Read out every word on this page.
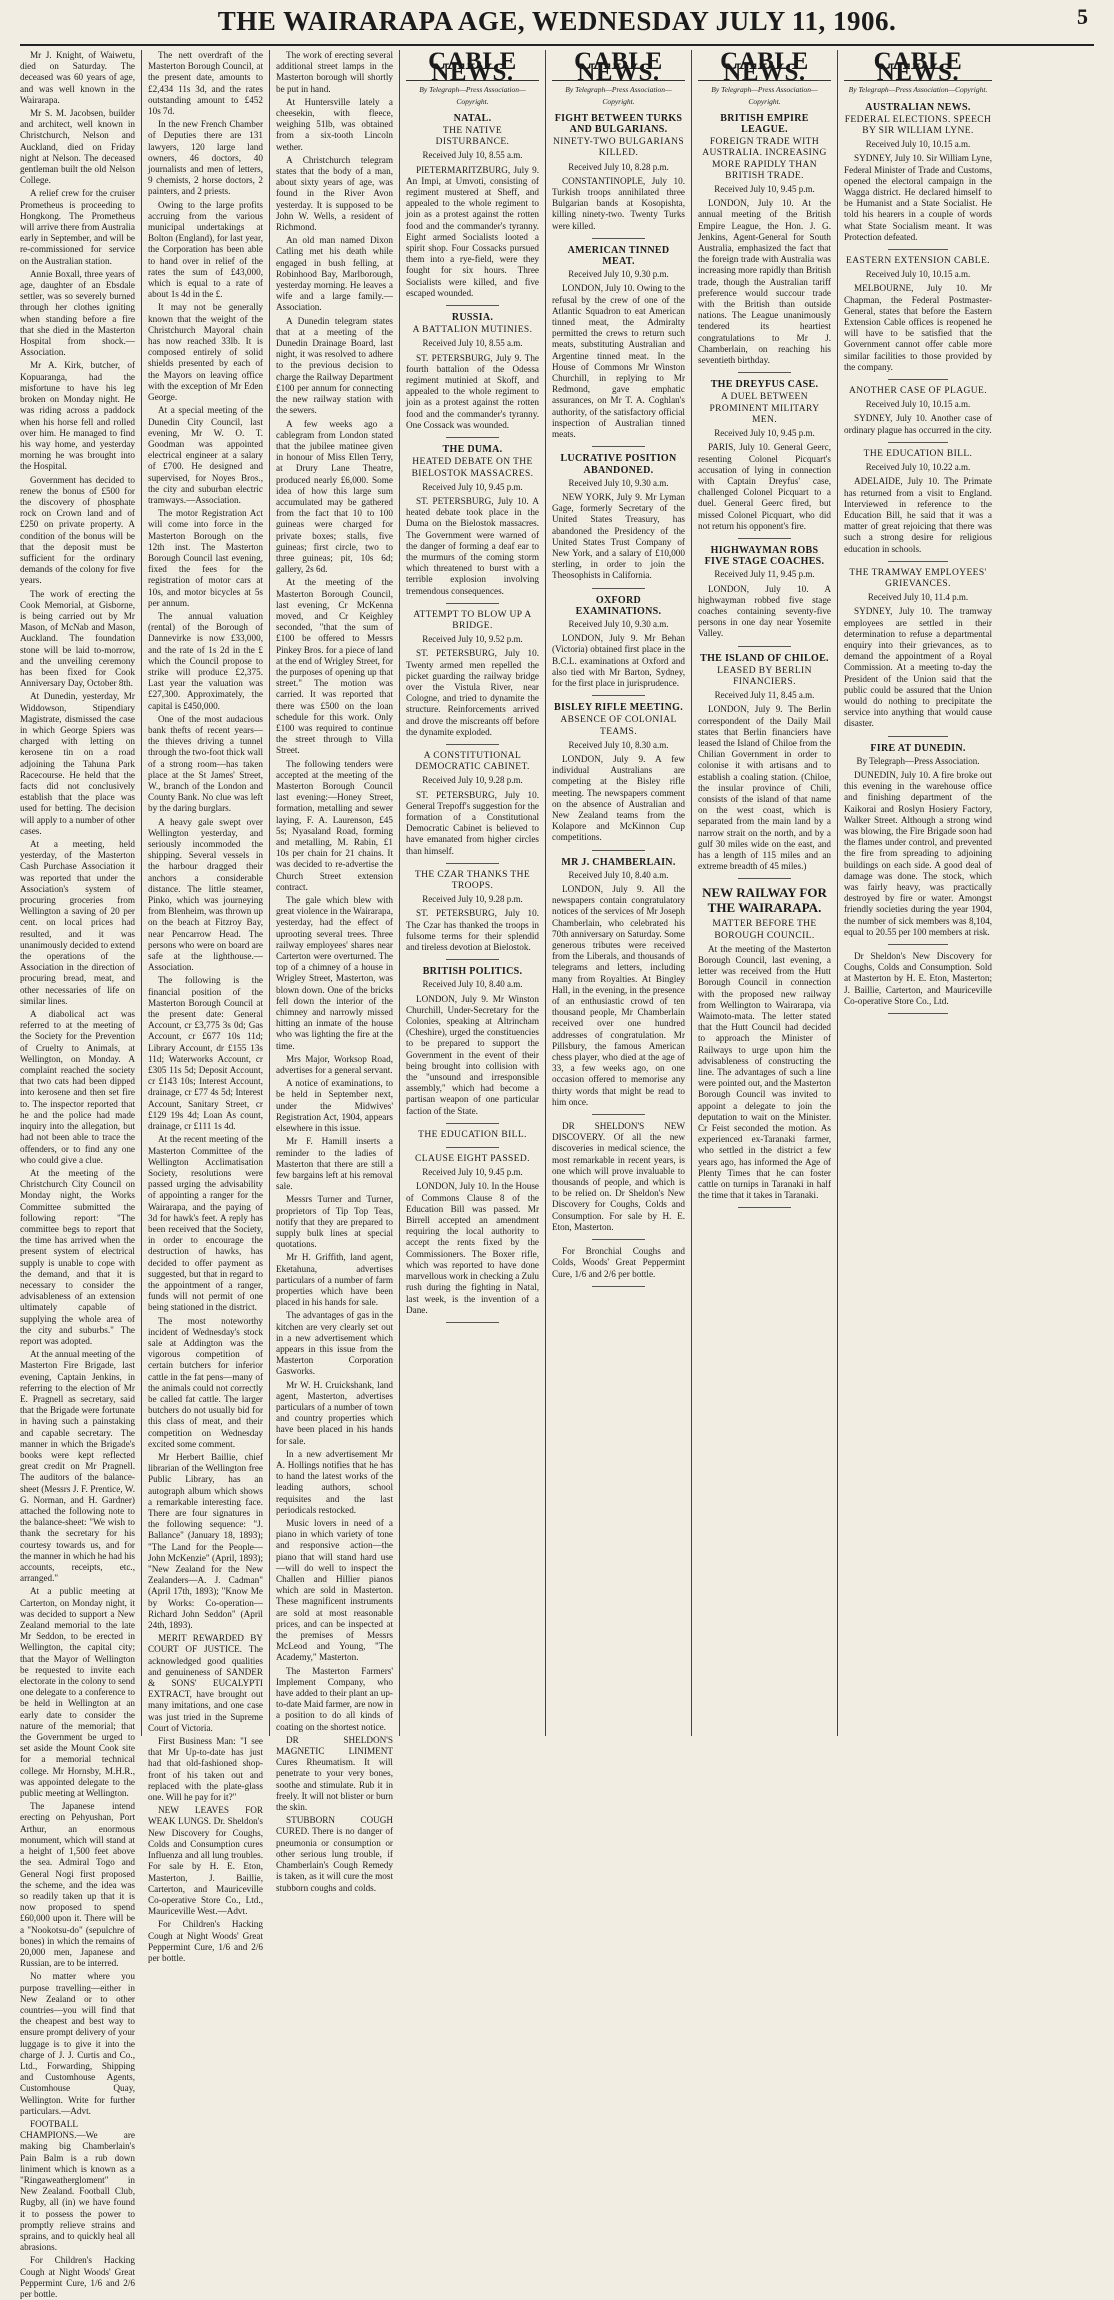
THE WAIRARAPA AGE, WEDNESDAY JULY 11, 1906.	5

Mr J. Knight, of Waiwetu, died on Saturday. The deceased was 60 years of age, and was well known in the Wairarapa.

Mr S. M. Jacobsen, builder and architect, well known in Christchurch, Nelson and Auckland, died on Friday night at Nelson. The deceased gentleman built the old Nelson College.

A relief crew for the cruiser Prometheus is proceeding to Hongkong. The Prometheus will arrive there from Australia early in September, and will be re-commissioned for service on the Australian station.

Annie Boxall, three years of age, daughter of an Ebsdale settler, was so severely burned through her clothes igniting when standing before a fire that she died in the Masterton Hospital from shock.—Association.

Mr A. Kirk, butcher, of Kopuaranga, had the misfortune to have his leg broken on Monday night. He was riding across a paddock when his horse fell and rolled over him. He managed to find his way home, and yesterday morning he was brought into the Hospital.

Government has decided to renew the bonus of £500 for the discovery of phosphate rock on Crown land and of £250 on private property. A condition of the bonus will be that the deposit must be sufficient for the ordinary demands of the colony for five years.

The work of erecting the Cook Memorial, at Gisborne, is being carried out by Mr Mason, of McNab and Mason, Auckland. The foundation stone will be laid to-morrow, and the unveiling ceremony has been fixed for Cook Anniversary Day, October 8th.

At Dunedin, yesterday, Mr Widdowson, Stipendiary Magistrate, dismissed the case in which George Spiers was charged with letting on kerosene tin on a road adjoining the Tahuna Park Racecourse. He held that the facts did not conclusively establish that the place was used for betting. The decision will apply to a number of other cases.

At a meeting, held yesterday, of the Masterton Cash Purchase Association it was reported that under the Association's system of procuring groceries from Wellington a saving of 20 per cent. on local prices had resulted, and it was unanimously decided to extend the operations of the Association in the direction of procuring bread, meat, and other necessaries of life on similar lines.

A diabolical act was referred to at the meeting of the Society for the Prevention of Cruelty to Animals, at Wellington, on Monday. A complaint reached the society that two cats had been dipped into kerosene and then set fire to. The inspector reported that he and the police had made inquiry into the allegation, but had not been able to trace the offenders, or to find any one who could give a clue.

At the meeting of the Christchurch City Council on Monday night, the Works Committee submitted the following report: "The committee begs to report that the time has arrived when the present system of electrical supply is unable to cope with the demand, and that it is necessary to consider the advisableness of an extension ultimately capable of supplying the whole area of the city and suburbs." The report was adopted.

At the annual meeting of the Masterton Fire Brigade, last evening, Captain Jenkins, in referring to the election of Mr E. Pragnell as secretary, said that the Brigade were fortunate in having such a painstaking and capable secretary. The manner in which the Brigade's books were kept reflected great credit on Mr Pragnell. The auditors of the balance-sheet (Messrs J. F. Prentice, W. G. Norman, and H. Gardner) attached the following note to the balance-sheet: "We wish to thank the secretary for his courtesy towards us, and for the manner in which he had his accounts, receipts, etc., arranged."

At a public meeting at Carterton, on Monday night, it was decided to support a New Zealand memorial to the late Mr Seddon, to be erected in Wellington, the capital city; that the Mayor of Wellington be requested to invite each electorate in the colony to send one delegate to a conference to be held in Wellington at an early date to consider the nature of the memorial; that the Government be urged to set aside the Mount Cook site for a memorial technical college. Mr Hornsby, M.H.R., was appointed delegate to the public meeting at Wellington.

The Japanese intend erecting on Pehyushan, Port Arthur, an enormous monument, which will stand at a height of 1,500 feet above the sea. Admiral Togo and General Nogi first proposed the scheme, and the idea was so readily taken up that it is now proposed to spend £60,000 upon it. There will be a "Nookotsu-do" (sepulchre of bones) in which the remains of 20,000 men, Japanese and Russian, are to be interred.

No matter where you purpose travelling—either in New Zealand or to other countries—you will find that the cheapest and best way to ensure prompt delivery of your luggage is to give it into the charge of J. J. Curtis and Co., Ltd., Forwarding, Shipping and Customhouse Agents, Customhouse Quay, Wellington. Write for further particulars.—Advt.

FOOTBALL CHAMPIONS.—We are making big Chamberlain's Pain Balm is a rub down liniment which is known as a "Ringaweathergloment" in New Zealand. Football Club, Rugby, all (in) we have found it to possess the power to promptly relieve strains and sprains, and to quickly heal all abrasions.

For Children's Hacking Cough at Night Woods' Great Peppermint Cure, 1/6 and 2/6 per bottle.

The nett overdraft of the Masterton Borough Council, at the present date, amounts to £2,434 11s 3d, and the rates outstanding amount to £452 10s 7d.

In the new French Chamber of Deputies there are 131 lawyers, 120 large land owners, 46 doctors, 40 journalists and men of letters, 9 chemists, 2 horse doctors, 2 painters, and 2 priests.

Owing to the large profits accruing from the various municipal undertakings at Bolton (England), for last year, the Corporation has been able to hand over in relief of the rates the sum of £43,000, which is equal to a rate of about 1s 4d in the £.

It may not be generally known that the weight of the Christchurch Mayoral chain has now reached 33lb. It is composed entirely of solid shields presented by each of the Mayors on leaving office with the exception of Mr Eden George.

At a special meeting of the Dunedin City Council, last evening, Mr W. O. T. Goodman was appointed electrical engineer at a salary of £700. He designed and supervised, for Noyes Bros., the city and suburban electric tramways.—Association.

The motor Registration Act will come into force in the Masterton Borough on the 12th inst. The Masterton Borough Council last evening, fixed the fees for the registration of motor cars at 10s, and motor bicycles at 5s per annum.

The annual valuation (rental) of the Borough of Dannevirke is now £33,000, and the rate of 1s 2d in the £ which the Council propose to strike will produce £2,375. Last year the valuation was £27,300. Approximately, the capital is £450,000.

One of the most audacious bank thefts of recent years—the thieves driving a tunnel through the two-foot thick wall of a strong room—has taken place at the St James' Street, W., branch of the London and County Bank. No clue was left by the daring burglars.

A heavy gale swept over Wellington yesterday, and seriously incommoded the shipping. Several vessels in the harbour dragged their anchors a considerable distance. The little steamer, Pinko, which was journeying from Blenheim, was thrown up on the beach at Fitzroy Bay, near Pencarrow Head. The persons who were on board are safe at the lighthouse.—Association.

The following is the financial position of the Masterton Borough Council at the present date: General Account, cr £3,775 3s 0d; Gas Account, cr £677 10s 11d; Library Account, dr £155 13s 11d; Waterworks Account, cr £305 11s 5d; Deposit Account, cr £143 10s; Interest Account, drainage, cr £77 4s 5d; Interest Account, Sanitary Street, cr £129 19s 4d; Loan As count, drainage, cr £111 1s 4d.

At the recent meeting of the Masterton Committee of the Wellington Acclimatisation Society, resolutions were passed urging the advisability of appointing a ranger for the Wairarapa, and the paying of 3d for hawk's feet. A reply has been received that the Society, in order to encourage the destruction of hawks, has decided to offer payment as suggested, but that in regard to the appointment of a ranger, funds will not permit of one being stationed in the district.

The most noteworthy incident of Wednesday's stock sale at Addington was the vigorous competition of certain butchers for inferior cattle in the fat pens—many of the animals could not correctly be called fat cattle. The larger butchers do not usually bid for this class of meat, and their competition on Wednesday excited some comment.

Mr Herbert Baillie, chief librarian of the Wellington free Public Library, has an autograph album which shows a remarkable interesting face. There are four signatures in the following sequence: "J. Ballance" (January 18, 1893); "The Land for the People—John McKenzie" (April, 1893); "New Zealand for the New Zealanders—A. J. Cadman" (April 17th, 1893); "Know Me by Works: Co-operation—Richard John Seddon" (April 24th, 1893).

MERIT REWARDED BY COURT OF JUSTICE. The acknowledged good qualities and genuineness of SANDER & SONS' EUCALYPTI EXTRACT, have brought out many imitations, and one case was just tried in the Supreme Court of Victoria.

First Business Man: "I see that Mr Up-to-date has just had that old-fashioned shop-front of his taken out and replaced with the plate-glass one. Will he pay for it?"

NEW LEAVES FOR WEAK LUNGS. Dr. Sheldon's New Discovery for Coughs, Colds and Consumption cures Influenza and all lung troubles. For sale by H. E. Eton, Masterton, J. Baillie, Carterton, and Mauriceville Co-operative Store Co., Ltd., Mauriceville West.—Advt.

For Children's Hacking Cough at Night Woods' Great Peppermint Cure, 1/6 and 2/6 per bottle.

The work of erecting several additional street lamps in the Masterton borough will shortly be put in hand.

At Huntersville lately a cheesekin, with fleece, weighing 51lb, was obtained from a six-tooth Lincoln wether.

A Christchurch telegram states that the body of a man, about sixty years of age, was found in the River Avon yesterday. It is supposed to be John W. Wells, a resident of Richmond.

An old man named Dixon Catling met his death while engaged in bush felling, at Robinhood Bay, Marlborough, yesterday morning. He leaves a wife and a large family.—Association.

A Dunedin telegram states that at a meeting of the Dunedin Drainage Board, last night, it was resolved to adhere to the previous decision to charge the Railway Department £100 per annum for connecting the new railway station with the sewers.

A few weeks ago a cablegram from London stated that the jubilee matinee given in honour of Miss Ellen Terry, at Drury Lane Theatre, produced nearly £6,000. Some idea of how this large sum accumulated may be gathered from the fact that 10 to 100 guineas were charged for private boxes; stalls, five guineas; first circle, two to three guineas; pit, 10s 6d; gallery, 2s 6d.

At the meeting of the Masterton Borough Council, last evening, Cr McKenna moved, and Cr Keighley seconded, "that the sum of £100 be offered to Messrs Pinkey Bros. for a piece of land at the end of Wrigley Street, for the purposes of opening up that street." The motion was carried. It was reported that there was £500 on the loan schedule for this work. Only £100 was required to continue the street through to Villa Street.

The following tenders were accepted at the meeting of the Masterton Borough Council last evening:—Honey Street, formation, metalling and sewer laying, F. A. Laurenson, £45 5s; Nyasaland Road, forming and metalling, M. Rabin, £1 10s per chain for 21 chains. It was decided to re-advertise the Church Street extension contract.

The gale which blew with great violence in the Wairarapa, yesterday, had the effect of uprooting several trees. Three railway employees' shares near Carterton were overturned. The top of a chimney of a house in Wrigley Street, Masterton, was blown down. One of the bricks fell down the interior of the chimney and narrowly missed hitting an inmate of the house who was lighting the fire at the time.

Mrs Major, Worksop Road, advertises for a general servant.

A notice of examinations, to be held in September next, under the Midwives' Registration Act, 1904, appears elsewhere in this issue.

Mr F. Hamill inserts a reminder to the ladies of Masterton that there are still a few bargains left at his removal sale.

Messrs Turner and Turner, proprietors of Tip Top Teas, notify that they are prepared to supply bulk lines at special quotations.

Mr H. Griffith, land agent, Eketahuna, advertises particulars of a number of farm properties which have been placed in his hands for sale.

The advantages of gas in the kitchen are very clearly set out in a new advertisement which appears in this issue from the Masterton Corporation Gasworks.

Mr W. H. Cruickshank, land agent, Masterton, advertises particulars of a number of town and country properties which have been placed in his hands for sale.

In a new advertisement Mr A. Hollings notifies that he has to hand the latest works of the leading authors, school requisites and the last periodicals restocked.

Music lovers in need of a piano in which variety of tone and responsive action—the piano that will stand hard use—will do well to inspect the Challen and Hillier pianos which are sold in Masterton. These magnificent instruments are sold at most reasonable prices, and can be inspected at the premises of Messrs McLeod and Young, "The Academy," Masterton.

The Masterton Farmers' Implement Company, who have added to their plant an up-to-date Maid farmer, are now in a position to do all kinds of coating on the shortest notice.

DR SHELDON'S MAGNETIC LINIMENT Cures Rheumatism. It will penetrate to your very bones, soothe and stimulate. Rub it in freely. It will not blister or burn the skin.

STUBBORN COUGH CURED. There is no danger of pneumonia or consumption or other serious lung trouble, if Chamberlain's Cough Remedy is taken, as it will cure the most stubborn coughs and colds.

CABLE NEWS.
By Telegraph—Press Association—Copyright.
NATAL.
THE NATIVE DISTURBANCE.
Received July 10, 8.55 a.m.

PIETERMARITZBURG, July 9. An Impi, at Umvoti, consisting of regiment mustered at Sheff, and appealed to the whole regiment to join as a protest against the rotten food and the commander's tyranny. Eight armed Socialists looted a spirit shop. Four Cossacks pursued them into a rye-field, were they fought for six hours. Three Socialists were killed, and five escaped wounded.

RUSSIA.
A BATTALION MUTINIES.
Received July 10, 8.55 a.m.

ST. PETERSBURG, July 9. The fourth battalion of the Odessa regiment mutinied at Skoff, and appealed to the whole regiment to join as a protest against the rotten food and the commander's tyranny. One Cossack was wounded.

THE DUMA.
HEATED DEBATE ON THE BIELOSTOK MASSACRES.
Received July 10, 9.45 p.m.

ST. PETERSBURG, July 10. A heated debate took place in the Duma on the Bielostok massacres. The Government were warned of the danger of forming a deaf ear to the murmurs of the coming storm which threatened to burst with a terrible explosion involving tremendous consequences.

ATTEMPT TO BLOW UP A BRIDGE.
Received July 10, 9.52 p.m.

ST. PETERSBURG, July 10. Twenty armed men repelled the picket guarding the railway bridge over the Vistula River, near Cologne, and tried to dynamite the structure. Reinforcements arrived and drove the miscreants off before the dynamite exploded.

A CONSTITUTIONAL DEMOCRATIC CABINET.
Received July 10, 9.28 p.m.

ST. PETERSBURG, July 10. General Trepoff's suggestion for the formation of a Constitutional Democratic Cabinet is believed to have emanated from higher circles than himself.

THE CZAR THANKS THE TROOPS.
Received July 10, 9.28 p.m.

ST. PETERSBURG, July 10. The Czar has thanked the troops in fulsome terms for their splendid and tireless devotion at Bielostok.

BRITISH POLITICS.
Received July 10, 8.40 a.m.

LONDON, July 9. Mr Winston Churchill, Under-Secretary for the Colonies, speaking at Altrincham (Cheshire), urged the constituencies to be prepared to support the Government in the event of their being brought into collision with the "unsound and irresponsible assembly," which had become a partisan weapon of one particular faction of the State.

THE EDUCATION BILL.
CLAUSE EIGHT PASSED.
Received July 10, 9.45 p.m.

LONDON, July 10. In the House of Commons Clause 8 of the Education Bill was passed. Mr Birrell accepted an amendment requiring the local authority to accept the rents fixed by the Commissioners. The Boxer rifle, which was reported to have done marvellous work in checking a Zulu rush during the fighting in Natal, last week, is the invention of a Dane.

CABLE NEWS.
By Telegraph—Press Association—Copyright.
FIGHT BETWEEN TURKS AND BULGARIANS.
NINETY-TWO BULGARIANS KILLED.
Received July 10, 8.28 p.m.

CONSTANTINOPLE, July 10. Turkish troops annihilated three Bulgarian bands at Kosopishta, killing ninety-two. Twenty Turks were killed.

AMERICAN TINNED MEAT.
Received July 10, 9.30 p.m.

LONDON, July 10. Owing to the refusal by the crew of one of the Atlantic Squadron to eat American tinned meat, the Admiralty permitted the crews to return such meats, substituting Australian and Argentine tinned meat. In the House of Commons Mr Winston Churchill, in replying to Mr Redmond, gave emphatic assurances, on Mr T. A. Coghlan's authority, of the satisfactory official inspection of Australian tinned meats.

LUCRATIVE POSITION ABANDONED.
Received July 10, 9.30 a.m.

NEW YORK, July 9. Mr Lyman Gage, formerly Secretary of the United States Treasury, has abandoned the Presidency of the United States Trust Company of New York, and a salary of £10,000 sterling, in order to join the Theosophists in California.

OXFORD EXAMINATIONS.
Received July 10, 9.30 a.m.

LONDON, July 9. Mr Behan (Victoria) obtained first place in the B.C.L. examinations at Oxford and also tied with Mr Barton, Sydney, for the first place in jurisprudence.

BISLEY RIFLE MEETING.
ABSENCE OF COLONIAL TEAMS.
Received July 10, 8.30 a.m.

LONDON, July 9. A few individual Australians are competing at the Bisley rifle meeting. The newspapers comment on the absence of Australian and New Zealand teams from the Kolapore and McKinnon Cup competitions.

MR J. CHAMBERLAIN.
Received July 10, 8.40 a.m.

LONDON, July 9. All the newspapers contain congratulatory notices of the services of Mr Joseph Chamberlain, who celebrated his 70th anniversary on Saturday. Some generous tributes were received from the Liberals, and thousands of telegrams and letters, including many from Royalties. At Bingley Hall, in the evening, in the presence of an enthusiastic crowd of ten thousand people, Mr Chamberlain received over one hundred addresses of congratulation. Mr Pillsbury, the famous American chess player, who died at the age of 33, a few weeks ago, on one occasion offered to memorise any thirty words that might be read to him once.

DR SHELDON'S NEW DISCOVERY. Of all the new discoveries in medical science, the most remarkable in recent years, is one which will prove invaluable to thousands of people, and which is to be relied on. Dr Sheldon's New Discovery for Coughs, Colds and Consumption. For sale by H. E. Eton, Masterton.

For Bronchial Coughs and Colds, Woods' Great Peppermint Cure, 1/6 and 2/6 per bottle.

CABLE NEWS.
By Telegraph—Press Association—Copyright.
BRITISH EMPIRE LEAGUE.
FOREIGN TRADE WITH AUSTRALIA. INCREASING MORE RAPIDLY THAN BRITISH TRADE.
Received July 10, 9.45 p.m.

LONDON, July 10. At the annual meeting of the British Empire League, the Hon. J. G. Jenkins, Agent-General for South Australia, emphasized the fact that the foreign trade with Australia was increasing more rapidly than British trade, though the Australian tariff preference would succour trade with the British than outside nations. The League unanimously tendered its heartiest congratulations to Mr J. Chamberlain, on reaching his seventieth birthday.

THE DREYFUS CASE.
A DUEL BETWEEN PROMINENT MILITARY MEN.
Received July 10, 9.45 p.m.

PARIS, July 10. General Geerc, resenting Colonel Picquart's accusation of lying in connection with Captain Dreyfus' case, challenged Colonel Picquart to a duel. General Geerc fired, but missed Colonel Picquart, who did not return his opponent's fire.

HIGHWAYMAN ROBS FIVE STAGE COACHES.
Received July 11, 9.45 p.m.

LONDON, July 10. A highwayman robbed five stage coaches containing seventy-five persons in one day near Yosemite Valley.

THE ISLAND OF CHILOE.
LEASED BY BERLIN FINANCIERS.
Received July 11, 8.45 a.m.

LONDON, July 9. The Berlin correspondent of the Daily Mail states that Berlin financiers have leased the Island of Chiloe from the Chilian Government in order to colonise it with artisans and to establish a coaling station. (Chiloe, the insular province of Chili, consists of the island of that name on the west coast, which is separated from the main land by a narrow strait on the north, and by a gulf 30 miles wide on the east, and has a length of 115 miles and an extreme breadth of 45 miles.)

NEW RAILWAY FOR THE WAIRARAPA.
MATTER BEFORE THE BOROUGH COUNCIL.

At the meeting of the Masterton Borough Council, last evening, a letter was received from the Hutt Borough Council in connection with the proposed new railway from Wellington to Wairarapa, via Waimoto-mata. The letter stated that the Hutt Council had decided to approach the Minister of Railways to urge upon him the advisableness of constructing the line. The advantages of such a line were pointed out, and the Masterton Borough Council was invited to appoint a delegate to join the deputation to wait on the Minister. Cr Feist seconded the motion. As experienced ex-Taranaki farmer, who settled in the district a few years ago, has informed the Age of Plenty Times that he can foster cattle on turnips in Taranaki in half the time that it takes in Taranaki.

CABLE NEWS.
By Telegraph—Press Association—Copyright.
AUSTRALIAN NEWS.
FEDERAL ELECTIONS. SPEECH BY SIR WILLIAM LYNE.
Received July 10, 10.15 a.m.

SYDNEY, July 10. Sir William Lyne, Federal Minister of Trade and Customs, opened the electoral campaign in the Wagga district. He declared himself to be Humanist and a State Socialist. He told his hearers in a couple of words what State Socialism meant. It was Protection defeated.

EASTERN EXTENSION CABLE.
Received July 10, 10.15 a.m.

MELBOURNE, July 10. Mr Chapman, the Federal Postmaster-General, states that before the Eastern Extension Cable offices is reopened he will have to be satisfied that the Government cannot offer cable more similar facilities to those provided by the company.

ANOTHER CASE OF PLAGUE.
Received July 10, 10.15 a.m.

SYDNEY, July 10. Another case of ordinary plague has occurred in the city.

THE EDUCATION BILL.
Received July 10, 10.22 a.m.

ADELAIDE, July 10. The Primate has returned from a visit to England. Interviewed in reference to the Education Bill, he said that it was a matter of great rejoicing that there was such a strong desire for religious education in schools.

THE TRAMWAY EMPLOYEES' GRIEVANCES.
Received July 10, 11.4 p.m.

SYDNEY, July 10. The tramway employees are settled in their determination to refuse a departmental enquiry into their grievances, as to demand the appointment of a Royal Commission. At a meeting to-day the President of the Union said that the public could be assured that the Union would do nothing to precipitate the service into anything that would cause disaster.

FIRE AT DUNEDIN.
By Telegraph—Press Association.

DUNEDIN, July 10. A fire broke out this evening in the warehouse office and finishing department of the Kaikorai and Roslyn Hosiery Factory, Walker Street. Although a strong wind was blowing, the Fire Brigade soon had the flames under control, and prevented the fire from spreading to adjoining buildings on each side. A good deal of damage was done. The stock, which was fairly heavy, was practically destroyed by fire or water. Amongst friendly societies during the year 1904, the number of sick members was 8,104, equal to 20.55 per 100 members at risk.

Dr Sheldon's New Discovery for Coughs, Colds and Consumption. Sold at Masterton by H. E. Eton, Masterton; J. Baillie, Carterton, and Mauriceville Co-operative Store Co., Ltd.
